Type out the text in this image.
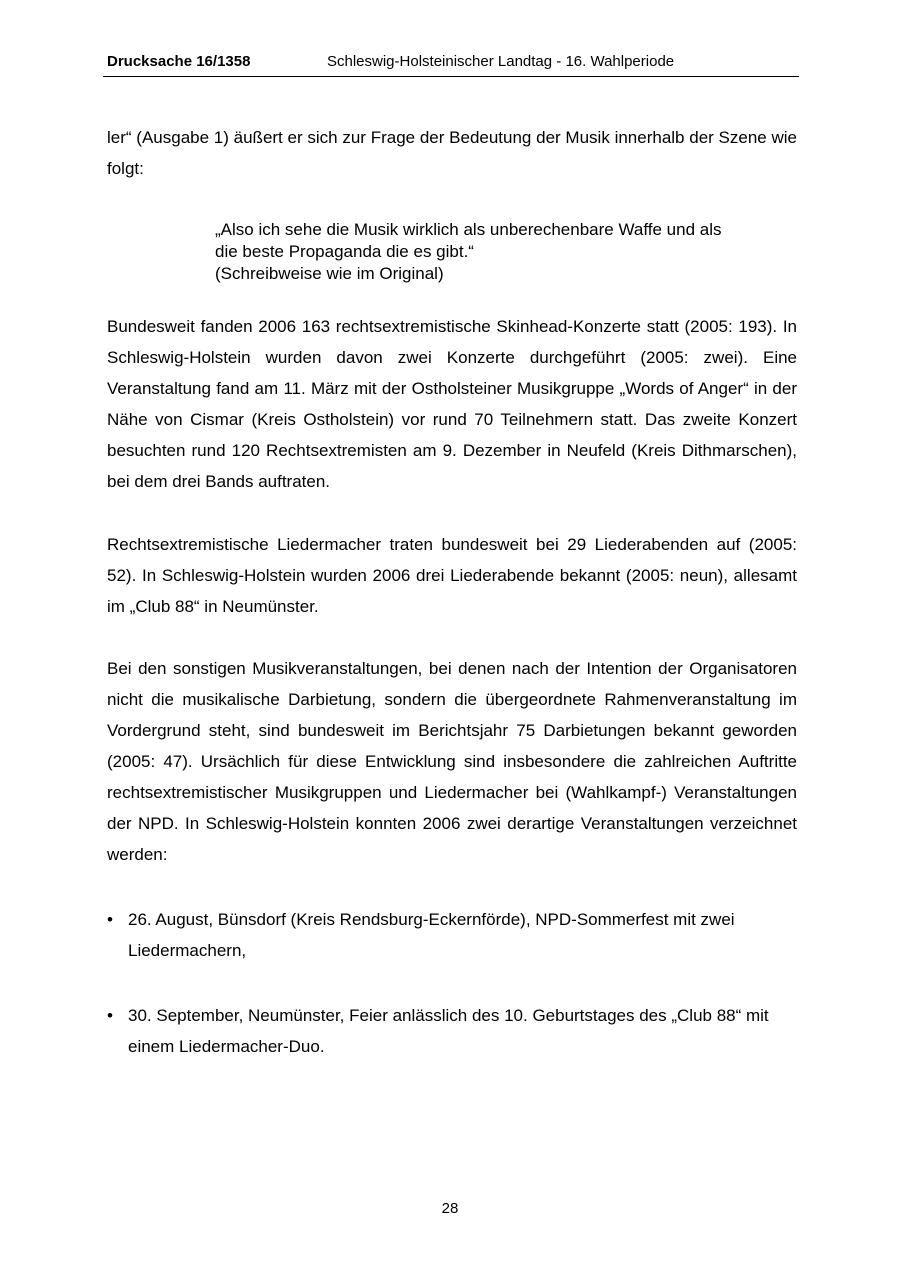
Drucksache 16/1358	Schleswig-Holsteinischer Landtag - 16. Wahlperiode

ler“ (Ausgabe 1) äußert er sich zur Frage der Bedeutung der Musik innerhalb der Szene wie folgt:

„Also ich sehe die Musik wirklich als unberechenbare Waffe und als
die beste Propaganda die es gibt.“
(Schreibweise wie im Original)

Bundesweit fanden 2006 163 rechtsextremistische Skinhead-Konzerte statt (2005: 193). In Schleswig-Holstein wurden davon zwei Konzerte durchgeführt (2005: zwei). Eine Veranstaltung fand am 11. März mit der Ostholsteiner Musikgruppe „Words of Anger“ in der Nähe von Cismar (Kreis Ostholstein) vor rund 70 Teilnehmern statt. Das zweite Konzert besuchten rund 120 Rechtsextremisten am 9. Dezember in Neufeld (Kreis Dithmarschen), bei dem drei Bands auftraten.

Rechtsextremistische Liedermacher traten bundesweit bei 29 Liederabenden auf (2005: 52). In Schleswig-Holstein wurden 2006 drei Liederabende bekannt (2005: neun), allesamt im „Club 88“ in Neumünster.

Bei den sonstigen Musikveranstaltungen, bei denen nach der Intention der Organisatoren nicht die musikalische Darbietung, sondern die übergeordnete Rahmenveranstaltung im Vordergrund steht, sind bundesweit im Berichtsjahr 75 Darbietungen bekannt geworden (2005: 47). Ursächlich für diese Entwicklung sind insbesondere die zahlreichen Auftritte rechtsextremistischer Musikgruppen und Liedermacher bei (Wahlkampf-) Veranstaltungen der NPD. In Schleswig-Holstein konnten 2006 zwei derartige Veranstaltungen verzeichnet werden:

• 26. August, Bünsdorf (Kreis Rendsburg-Eckernförde), NPD-Sommerfest mit zwei Liedermachern,
• 30. September, Neumünster, Feier anlässlich des 10. Geburtstages des „Club 88“ mit einem Liedermacher-Duo.
28
